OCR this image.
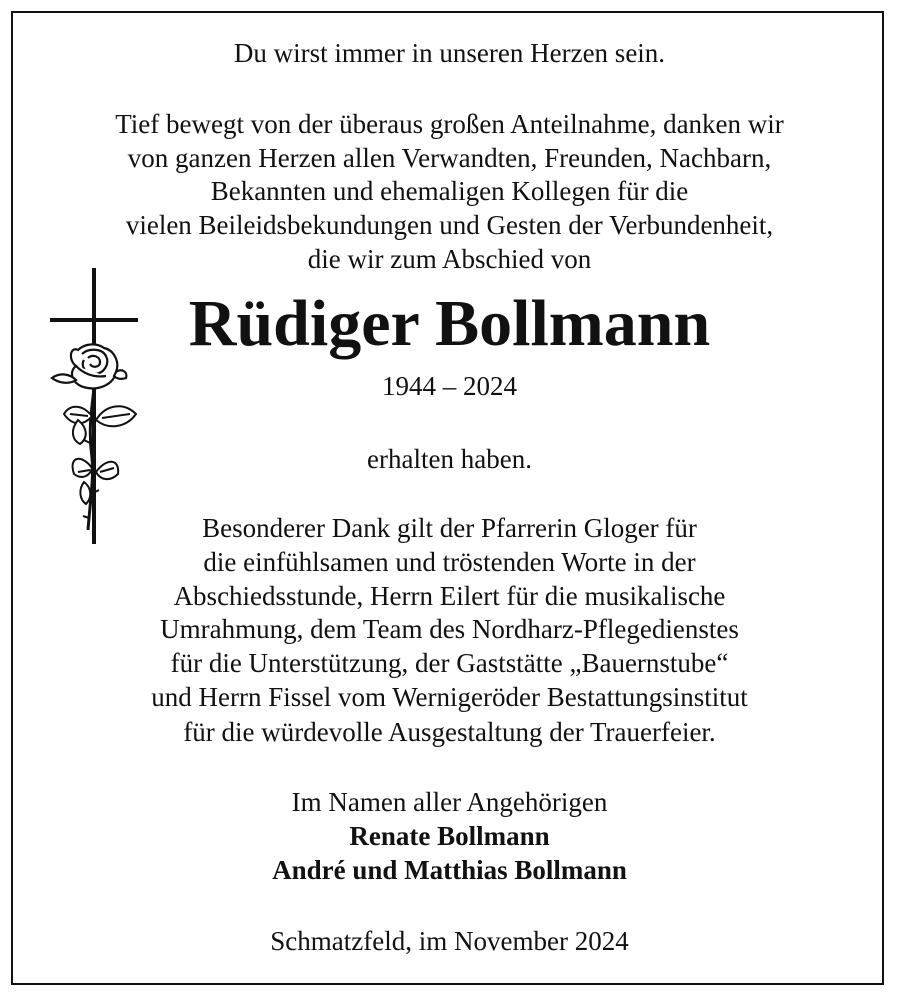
Du wirst immer in unseren Herzen sein.
Tief bewegt von der überaus großen Anteilnahme, danken wir
von ganzen Herzen allen Verwandten, Freunden, Nachbarn,
Bekannten und ehemaligen Kollegen für die
vielen Beileidsbekundungen und Gesten der Verbundenheit,
die wir zum Abschied von
Rüdiger Bollmann
1944 – 2024
erhalten haben.
Besonderer Dank gilt der Pfarrerin Gloger für
die einfühlsamen und tröstenden Worte in der
Abschiedsstunde, Herrn Eilert für die musikalische
Umrahmung, dem Team des Nordharz-Pflegedienstes
für die Unterstützung, der Gaststätte „Bauernstube“
und Herrn Fissel vom Wernigeröder Bestattungsinstitut
für die würdevolle Ausgestaltung der Trauerfeier.
Im Namen aller Angehörigen
Renate Bollmann
André und Matthias Bollmann
Schmatzfeld, im November 2024
